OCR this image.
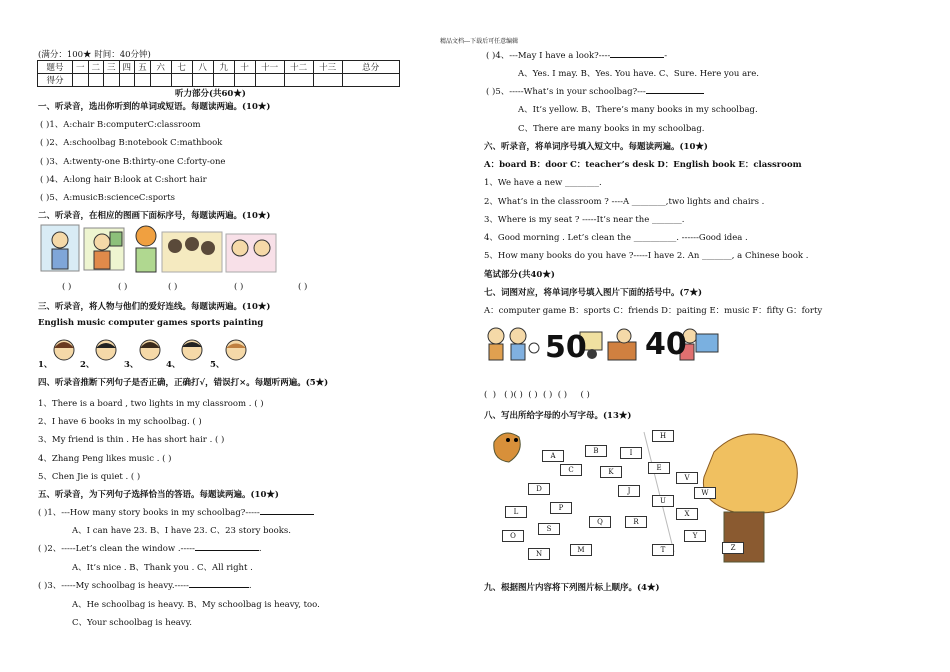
精品文档---下载后可任意编辑
(满分：100★ 时间：40分钟)
题号	一	二	三	四	五	六	七	八	九	十	十一	十二	十三	总分
得分														
听力部分(共60★)
一、听录音，选出你听到的单词或短语。每题读两遍。(10★)
( )1、A:chair B:computerC:classroom
( )2、A:schoolbag B:notebook C:mathbook
( )3、A:twenty-one B:thirty-one C:forty-one
( )4、A:long hair B:look at C:short hair
( )5、A:musicB:scienceC:sports
二、听录音，在相应的图画下面标序号，每题读两遍。(10★)
( )	( )	( )	( )	( )
三、听录音，将人物与他们的爱好连线。每题读两遍。(10★)
English music computer games sports painting
1、	2、	3、	4、	5、
四、听录音推断下列句子是否正确，正确打√，错误打×。每题听两遍。(5★)
1、There is a board , two lights in my classroom . ( )
2、I have 6 books in my schoolbag. ( )
3、My friend is thin . He has short hair . ( )
4、Zhang Peng likes music . ( )
5、Chen Jie is quiet . ( )
五、听录音，为下列句子选择恰当的答语。每题读两遍。(10★)
( )1、---How many story books in my schoolbag?-----
A、I can have 23. B、I have 23. C、23 story books.
( )2、-----Let’s clean the window .-----	.
A、It’s nice . B、Thank you . C、All right .
( )3、-----My schoolbag is heavy.-----	.
A、He schoolbag is heavy. B、My schoolbag is heavy, too.
C、Your schoolbag is heavy.
( )4、---May I have a look?----	-
A、Yes. I may. B、Yes. You have. C、Sure. Here you are.
( )5、-----What’s in your schoolbag?---
A、It’s yellow. B、There’s many books in my schoolbag.
C、There are many books in my schoolbag.
六、听录音，将单词序号填入短文中。每题读两遍。(10★)
A：board B：door C：teacher’s desk D：English book E：classroom
1、We have a new ________.
2、What’s in the classroom ? ----A ________,two lights and chairs .
3、Where is my seat ? -----It’s near the _______.
4、Good morning . Let’s clean the __________. ------Good idea .
5、How many books do you have ?-----I have 2. An _______, a Chinese book .
笔试部分(共40★)
七、词图对应，将单词序号填入图片下面的括号中。(7★)
A：computer game B：sports C：friends D：paiting E：music F：fifty G：forty
50 40
(  )   ( )( )  ( )  ( )  ( )     ( )
八、写出所给字母的小写字母。(13★)
H
B	I
A
C	K	E
V
W
D	J
L
U
Q	R
P
S
T
O
M
N
Y
X
Z
九、根据图片内容将下列图片标上顺序。(4★)
